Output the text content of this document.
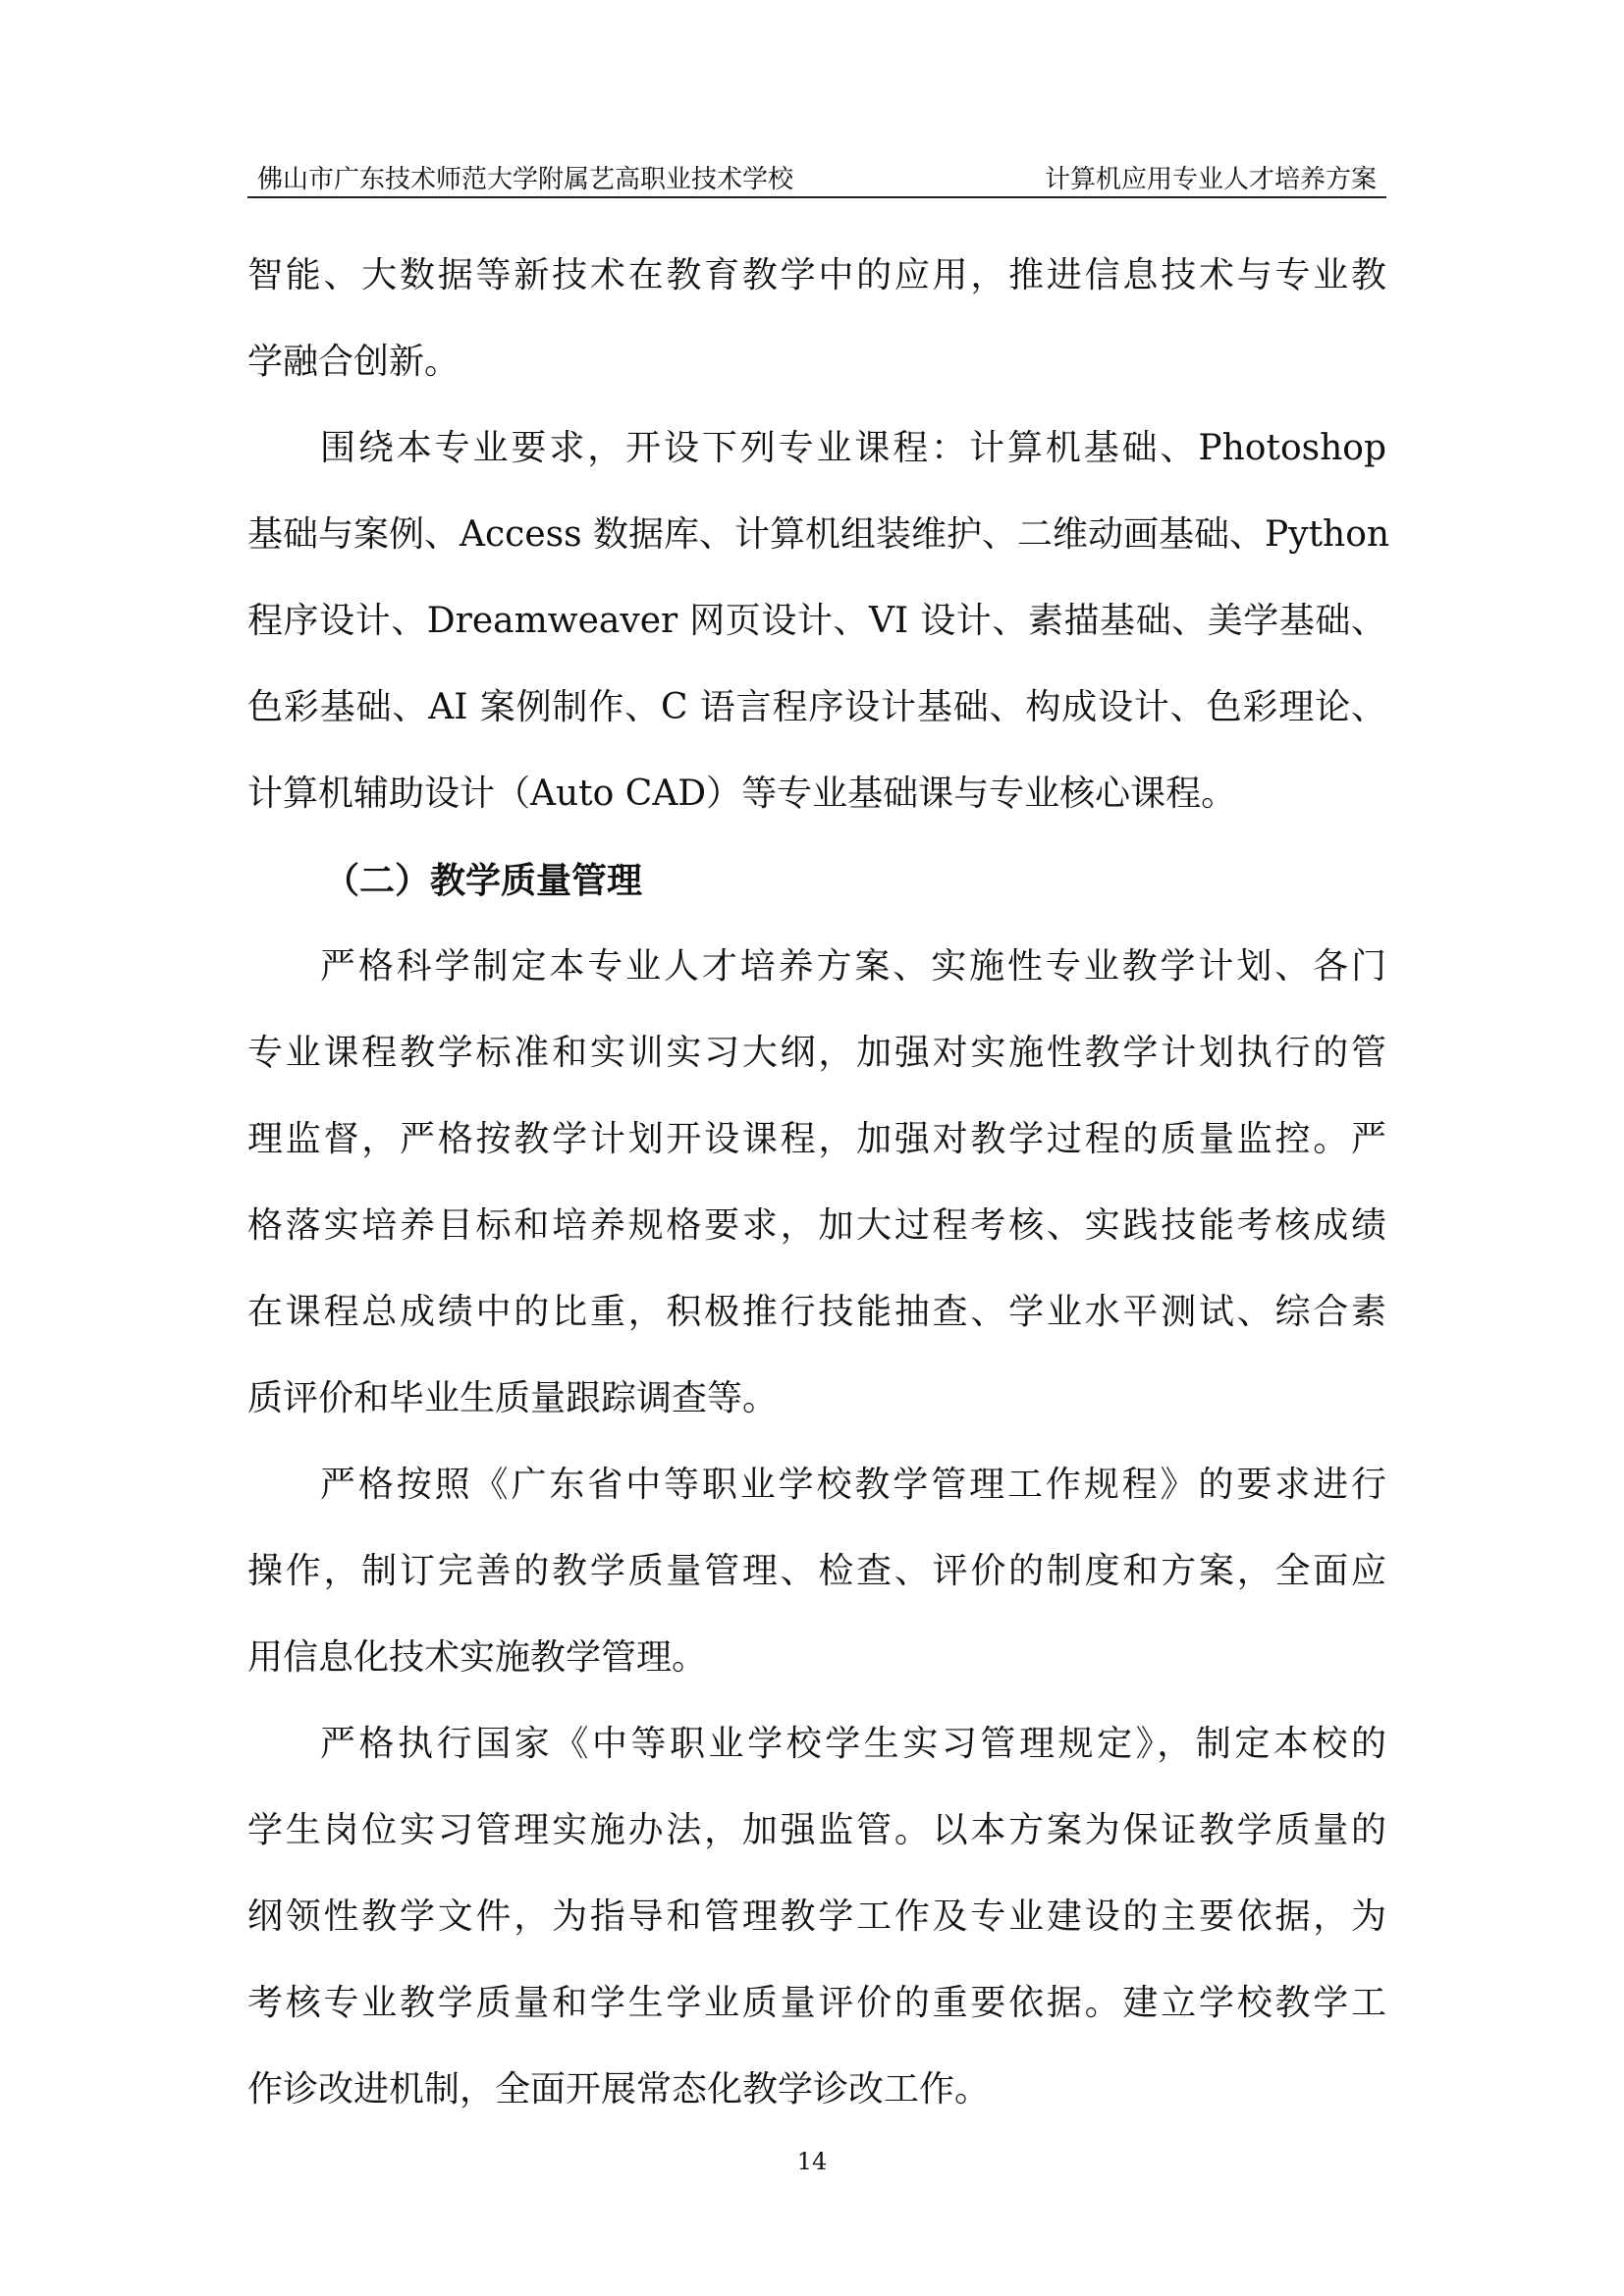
佛山市广东技术师范大学附属艺高职业技术学校	计算机应用专业人才培养方案
智能、大数据等新技术在教育教学中的应用，推进信息技术与专业教
学融合创新。
围绕本专业要求，开设下列专业课程：计算机基础、Photoshop
基础与案例、Access 数据库、计算机组装维护、二维动画基础、Python
程序设计、Dreamweaver 网页设计、VI 设计、素描基础、美学基础、
色彩基础、AI 案例制作、C 语言程序设计基础、构成设计、色彩理论、
计算机辅助设计（Auto CAD）等专业基础课与专业核心课程。
（二）教学质量管理
严格科学制定本专业人才培养方案、实施性专业教学计划、各门
专业课程教学标准和实训实习大纲，加强对实施性教学计划执行的管
理监督，严格按教学计划开设课程，加强对教学过程的质量监控。严
格落实培养目标和培养规格要求，加大过程考核、实践技能考核成绩
在课程总成绩中的比重，积极推行技能抽查、学业水平测试、综合素
质评价和毕业生质量跟踪调查等。
严格按照《广东省中等职业学校教学管理工作规程》的要求进行
操作，制订完善的教学质量管理、检查、评价的制度和方案，全面应
用信息化技术实施教学管理。
严格执行国家《中等职业学校学生实习管理规定》，制定本校的
学生岗位实习管理实施办法，加强监管。以本方案为保证教学质量的
纲领性教学文件，为指导和管理教学工作及专业建设的主要依据，为
考核专业教学质量和学生学业质量评价的重要依据。建立学校教学工
作诊改进机制，全面开展常态化教学诊改工作。
14
